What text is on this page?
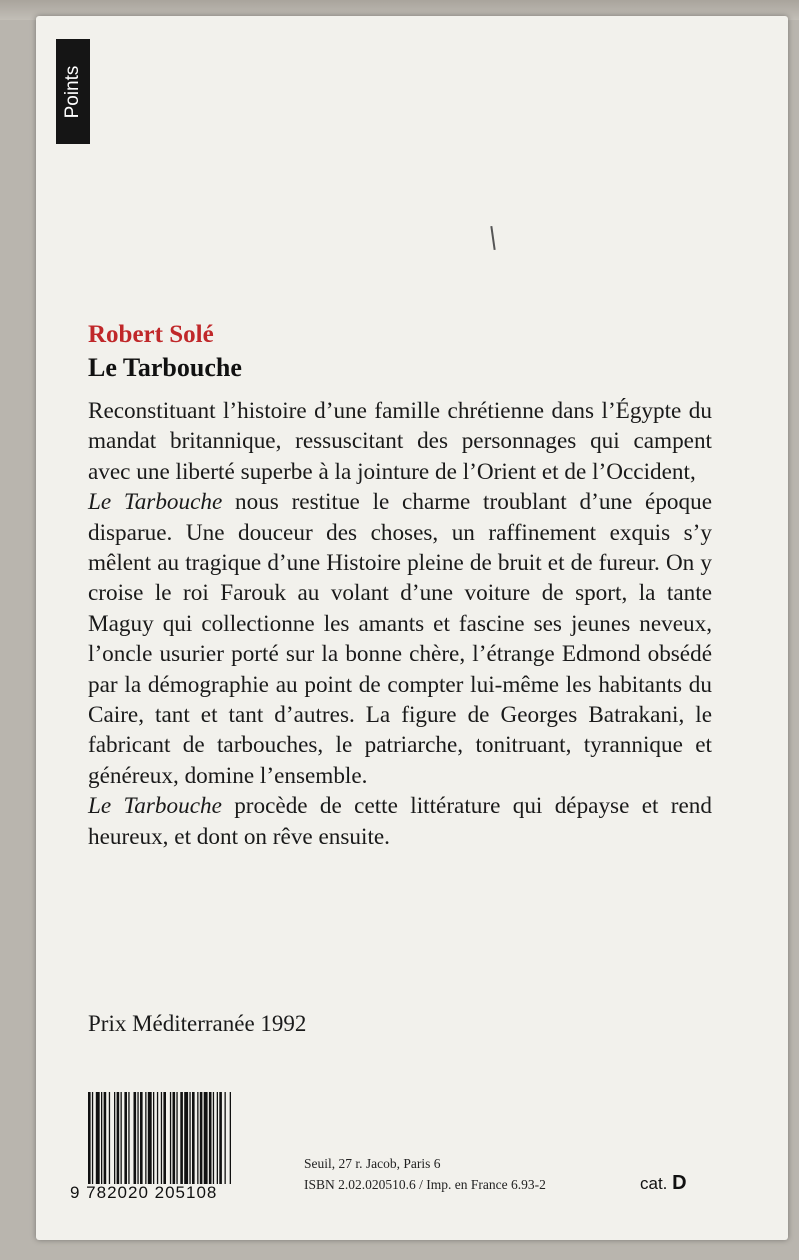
Points
Robert Solé
Le Tarbouche

Reconstituant l’histoire d’une famille chrétienne dans l’Égypte du mandat britannique, ressuscitant des personnages qui campent avec une liberté superbe à la jointure de l’Orient et de l’Occident,

Le Tarbouche nous restitue le charme troublant d’une époque disparue. Une douceur des choses, un raffinement exquis s’y mêlent au tragique d’une Histoire pleine de bruit et de fureur. On y croise le roi Farouk au volant d’une voiture de sport, la tante Maguy qui collectionne les amants et fascine ses jeunes neveux, l’oncle usurier porté sur la bonne chère, l’étrange Edmond obsédé par la démographie au point de compter lui-même les habitants du Caire, tant et tant d’autres. La figure de Georges Batrakani, le fabricant de tarbouches, le patriarche, tonitruant, tyrannique et généreux, domine l’ensemble.

Le Tarbouche procède de cette littérature qui dépayse et rend heureux, et dont on rêve ensuite.

Prix Méditerranée 1992
9 782020 205108
Seuil, 27 r. Jacob, Paris 6
ISBN 2.02.020510.6 / Imp. en France 6.93-2	cat. D
